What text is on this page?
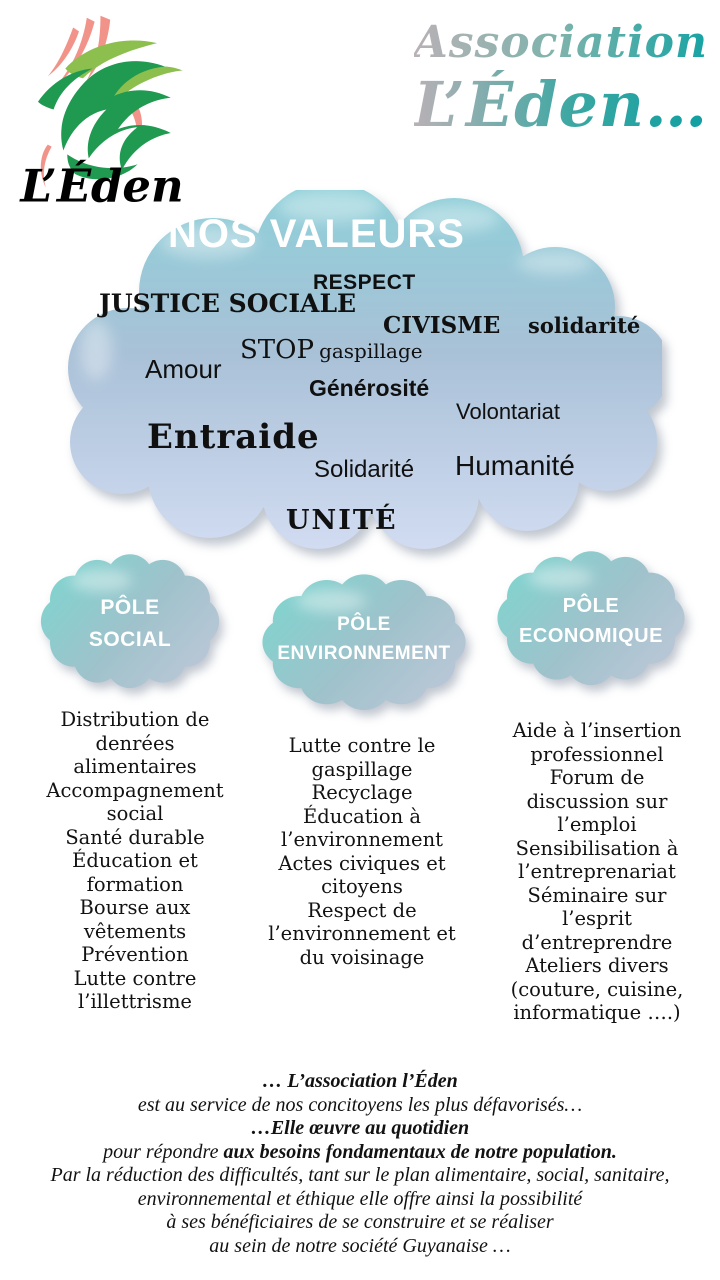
L’Éden
Association
L’Éden…
NOS VALEURS
RESPECT
JUSTICE SOCIALE
CIVISME solidarité
STOP gaspillage
Amour
Générosité
Volontariat
Entraide
Solidarité Humanité
UNITÉ
PÔLE
SOCIAL
PÔLE
ENVIRONNEMENT
PÔLE
ECONOMIQUE
Distribution de denrées alimentaires
Accompagnement social
Santé durable
Éducation et formation
Bourse aux vêtements
Prévention
Lutte contre l’illettrisme
Lutte contre le gaspillage
Recyclage
Éducation à l’environnement
Actes civiques et citoyens
Respect de l’environnement et du voisinage
Aide à l’insertion professionnel
Forum de discussion sur l’emploi
Sensibilisation à l’entreprenariat
Séminaire sur l’esprit d’entreprendre
Ateliers divers (couture, cuisine, informatique ….)
… L’association l’Éden
est au service de nos concitoyens les plus défavorisés…
…Elle œuvre au quotidien
pour répondre aux besoins fondamentaux de notre population.
Par la réduction des difficultés, tant sur le plan alimentaire, social, sanitaire,
environnemental et éthique elle offre ainsi la possibilité
à ses bénéficiaires de se construire et se réaliser
au sein de notre société Guyanaise …
